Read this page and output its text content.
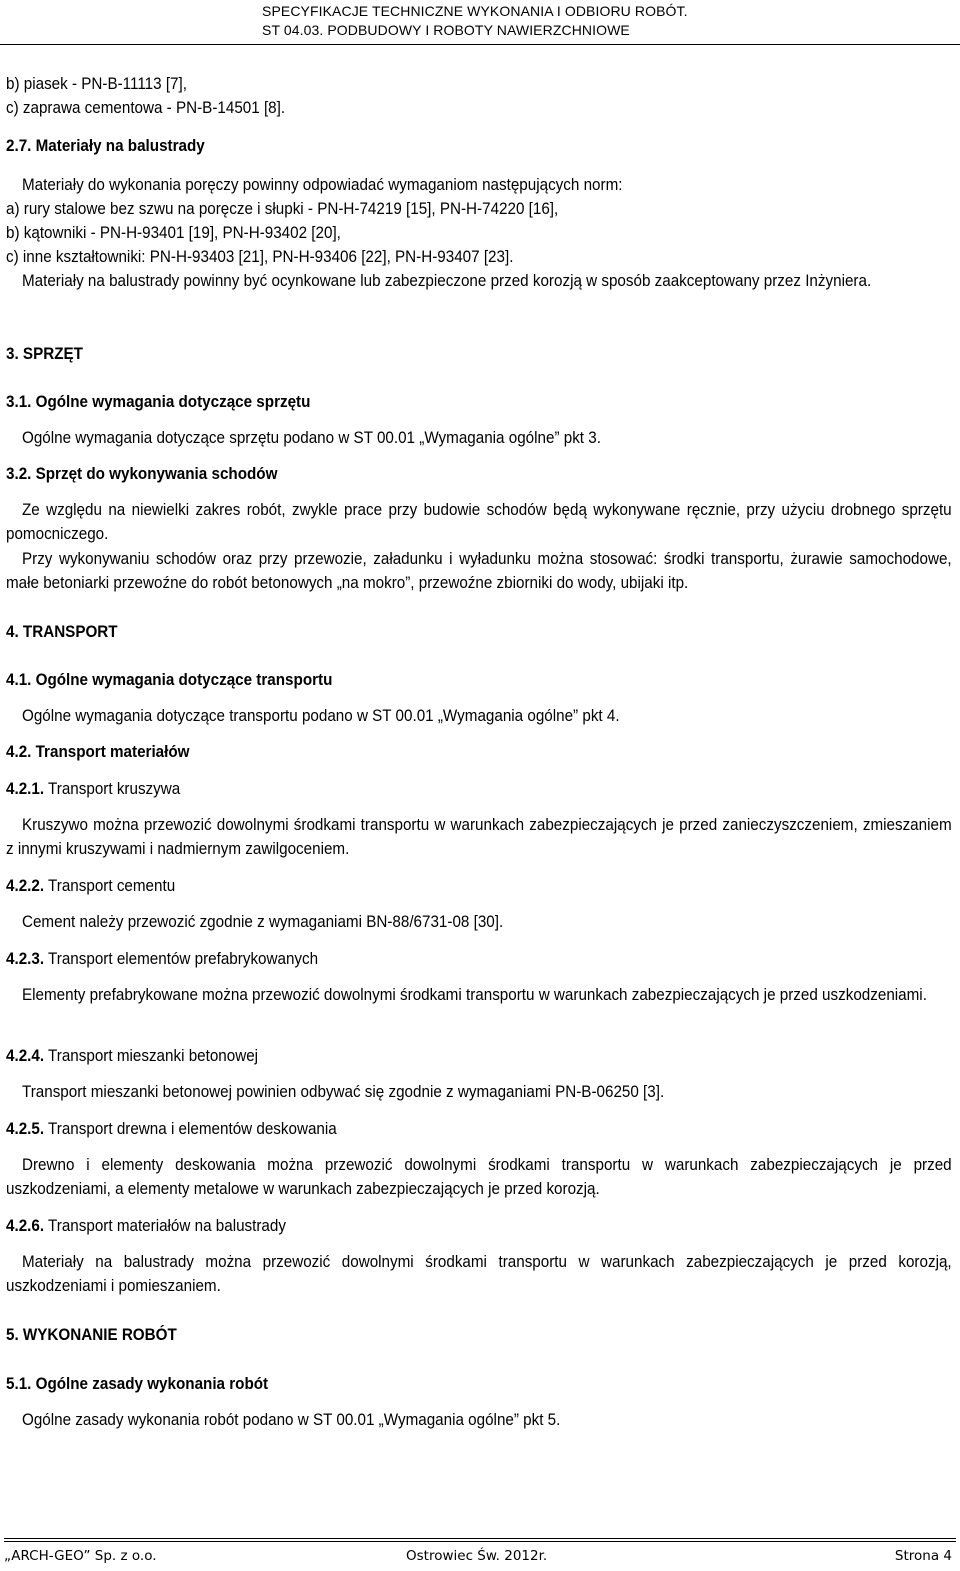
SPECYFIKACJE TECHNICZNE WYKONANIA I ODBIORU ROBÓT.
ST 04.03. PODBUDOWY I ROBOTY NAWIERZCHNIOWE
b) piasek - PN-B-11113 [7],
c) zaprawa cementowa - PN-B-14501 [8].
2.7. Materiały na balustrady
Materiały do wykonania poręczy powinny odpowiadać wymaganiom następujących norm:
a) rury stalowe bez szwu na poręcze i słupki - PN-H-74219 [15], PN-H-74220 [16],
b) kątowniki - PN-H-93401 [19], PN-H-93402 [20],
c) inne kształtowniki: PN-H-93403 [21], PN-H-93406 [22], PN-H-93407 [23].
Materiały na balustrady powinny być ocynkowane lub zabezpieczone przed korozją w sposób zaakceptowany przez Inżyniera.
3. SPRZĘT
3.1. Ogólne wymagania dotyczące sprzętu
Ogólne wymagania dotyczące sprzętu podano w ST 00.01 „Wymagania ogólne” pkt 3.
3.2. Sprzęt do wykonywania schodów
Ze względu na niewielki zakres robót, zwykle prace przy budowie schodów będą wykonywane ręcznie, przy użyciu drobnego sprzętu pomocniczego.
Przy wykonywaniu schodów oraz przy przewozie, załadunku i wyładunku można stosować: środki transportu, żurawie samochodowe, małe betoniarki przewoźne do robót betonowych „na mokro”, przewoźne zbiorniki do wody, ubijaki itp.
4. TRANSPORT
4.1. Ogólne wymagania dotyczące transportu
Ogólne wymagania dotyczące transportu podano w ST 00.01 „Wymagania ogólne” pkt 4.
4.2. Transport materiałów
4.2.1. Transport kruszywa
Kruszywo można przewozić dowolnymi środkami transportu w warunkach zabezpieczających je przed zanieczyszczeniem, zmieszaniem z innymi kruszywami i nadmiernym zawilgoceniem.
4.2.2. Transport cementu
Cement należy przewozić zgodnie z wymaganiami BN-88/6731-08 [30].
4.2.3. Transport elementów prefabrykowanych
Elementy prefabrykowane można przewozić dowolnymi środkami transportu w warunkach zabezpieczających je przed uszkodzeniami.
4.2.4. Transport mieszanki betonowej
Transport mieszanki betonowej powinien odbywać się zgodnie z wymaganiami PN-B-06250 [3].
4.2.5. Transport drewna i elementów deskowania
Drewno i elementy deskowania można przewozić dowolnymi środkami transportu w warunkach zabezpieczających je przed uszkodzeniami, a elementy metalowe w warunkach zabezpieczających je przed korozją.
4.2.6. Transport materiałów na balustrady
Materiały na balustrady można przewozić dowolnymi środkami transportu w warunkach zabezpieczających je przed korozją, uszkodzeniami i pomieszaniem.
5. WYKONANIE ROBÓT
5.1. Ogólne zasady wykonania robót
Ogólne zasady wykonania robót podano w ST 00.01 „Wymagania ogólne” pkt 5.
„ARCH-GEO” Sp. z o.o.	Ostrowiec Św. 2012r.	Strona 4
